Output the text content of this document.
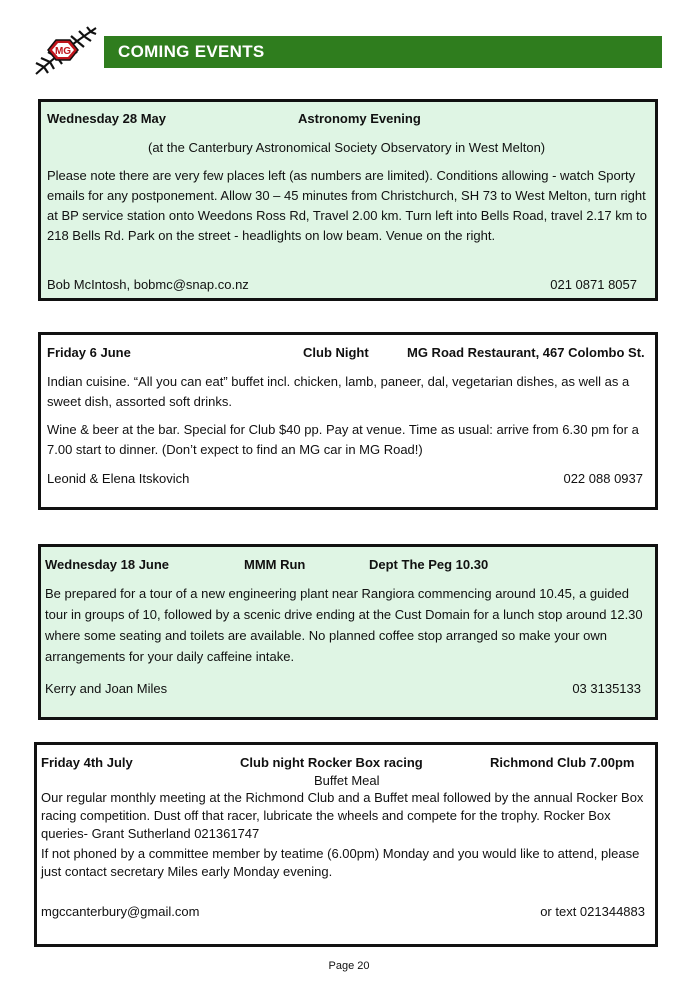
MG	COMING EVENTS
Wednesday 28 May	Astronomy Evening
(at the Canterbury Astronomical Society Observatory in West Melton)
Please note there are very few places left (as numbers are limited). Conditions allowing - watch Sporty emails for any postponement. Allow 30 – 45 minutes from Christchurch, SH 73 to West Melton, turn right at BP service station onto Weedons Ross Rd, Travel 2.00 km. Turn left into Bells Road, travel 2.17 km to 218 Bells Rd. Park on the street - headlights on low beam. Venue on the right.
Bob McIntosh, bobmc@snap.co.nz	021 0871 8057
Friday 6 June	Club Night	MG Road Restaurant, 467 Colombo St.
Indian cuisine. “All you can eat” buffet incl. chicken, lamb, paneer, dal, vegetarian dishes, as well as a sweet dish, assorted soft drinks.
Wine & beer at the bar. Special for Club $40 pp. Pay at venue. Time as usual: arrive from 6.30 pm for a 7.00 start to dinner. (Don’t expect to find an MG car in MG Road!)
Leonid & Elena Itskovich	022 088 0937
Wednesday 18 June	MMM Run	Dept The Peg 10.30
Be prepared for a tour of a new engineering plant near Rangiora commencing around 10.45, a guided tour in groups of 10, followed by a scenic drive ending at the Cust Domain for a lunch stop around 12.30 where some seating and toilets are available. No planned coffee stop arranged so make your own arrangements for your daily caffeine intake.
Kerry and Joan Miles	03 3135133
Friday 4th July	Club night Rocker Box racing	Richmond Club 7.00pm
Buffet Meal
Our regular monthly meeting at the Richmond Club and a Buffet meal followed by the annual Rocker Box racing competition. Dust off that racer, lubricate the wheels and compete for the trophy. Rocker Box queries- Grant Sutherland 021361747
If not phoned by a committee member by teatime (6.00pm) Monday and you would like to attend, please just contact secretary Miles early Monday evening.
mgccanterbury@gmail.com	or text 021344883
Page 20
